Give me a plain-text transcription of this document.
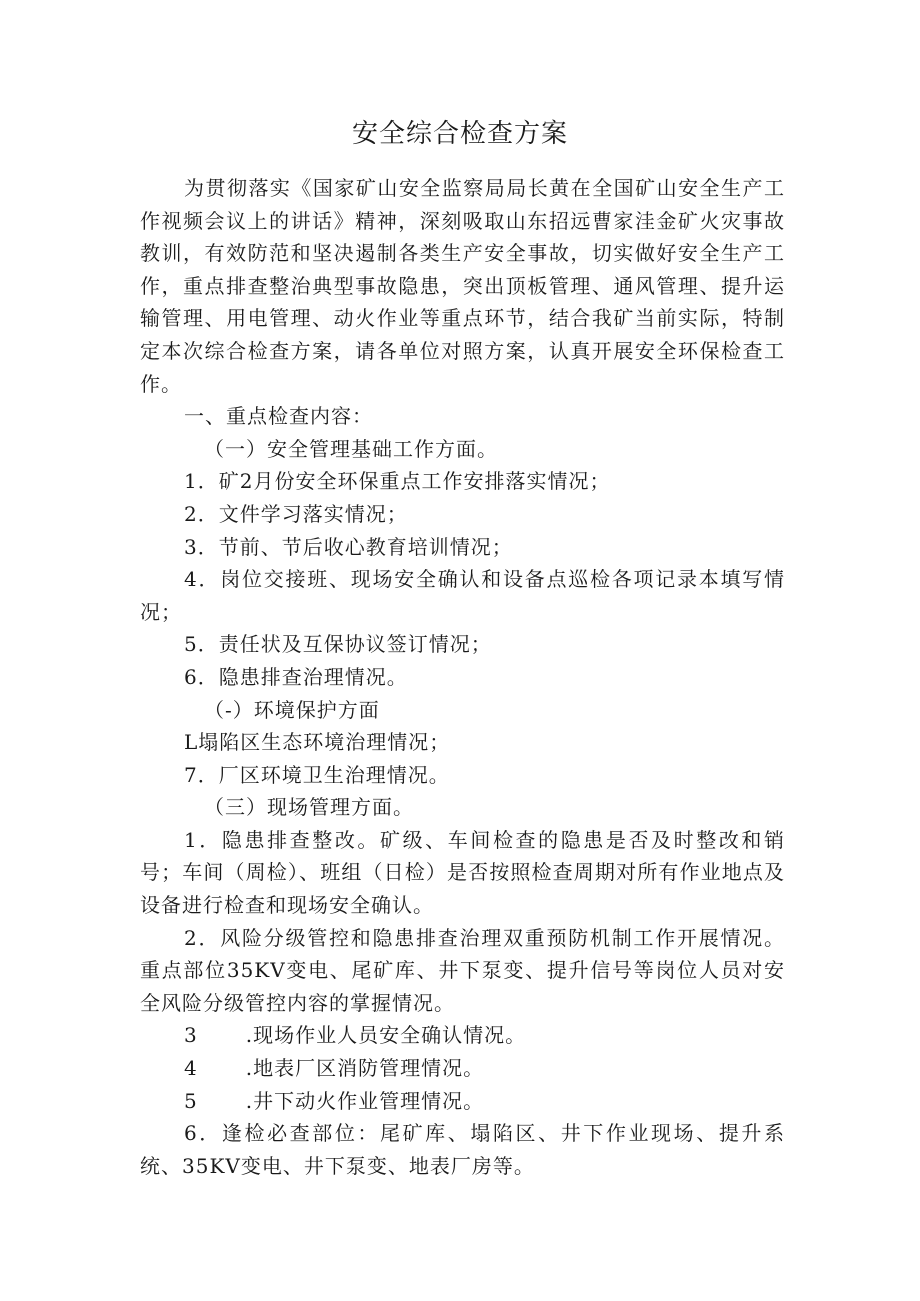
安全综合检查方案

为贯彻落实《国家矿山安全监察局局长黄在全国矿山安全生产工作视频会议上的讲话》精神，深刻吸取山东招远曹家洼金矿火灾事故教训，有效防范和坚决遏制各类生产安全事故，切实做好安全生产工作，重点排查整治典型事故隐患，突出顶板管理、通风管理、提升运输管理、用电管理、动火作业等重点环节，结合我矿当前实际，特制定本次综合检查方案，请各单位对照方案，认真开展安全环保检查工作。

一、重点检查内容：

（一）安全管理基础工作方面。

1．矿2月份安全环保重点工作安排落实情况；

2．文件学习落实情况；

3．节前、节后收心教育培训情况；

4．岗位交接班、现场安全确认和设备点巡检各项记录本填写情况；

5．责任状及互保协议签订情况；

6．隐患排查治理情况。

（-）环境保护方面

L塌陷区生态环境治理情况；

7．厂区环境卫生治理情况。

（三）现场管理方面。

1．隐患排查整改。矿级、车间检查的隐患是否及时整改和销号；车间（周检）、班组（日检）是否按照检查周期对所有作业地点及设备进行检查和现场安全确认。

2．风险分级管控和隐患排查治理双重预防机制工作开展情况。重点部位35KV变电、尾矿库、井下泵变、提升信号等岗位人员对安全风险分级管控内容的掌握情况。

3 .现场作业人员安全确认情况。

4 .地表厂区消防管理情况。

5 .井下动火作业管理情况。

6．逢检必查部位：尾矿库、塌陷区、井下作业现场、提升系统、35KV变电、井下泵变、地表厂房等。
